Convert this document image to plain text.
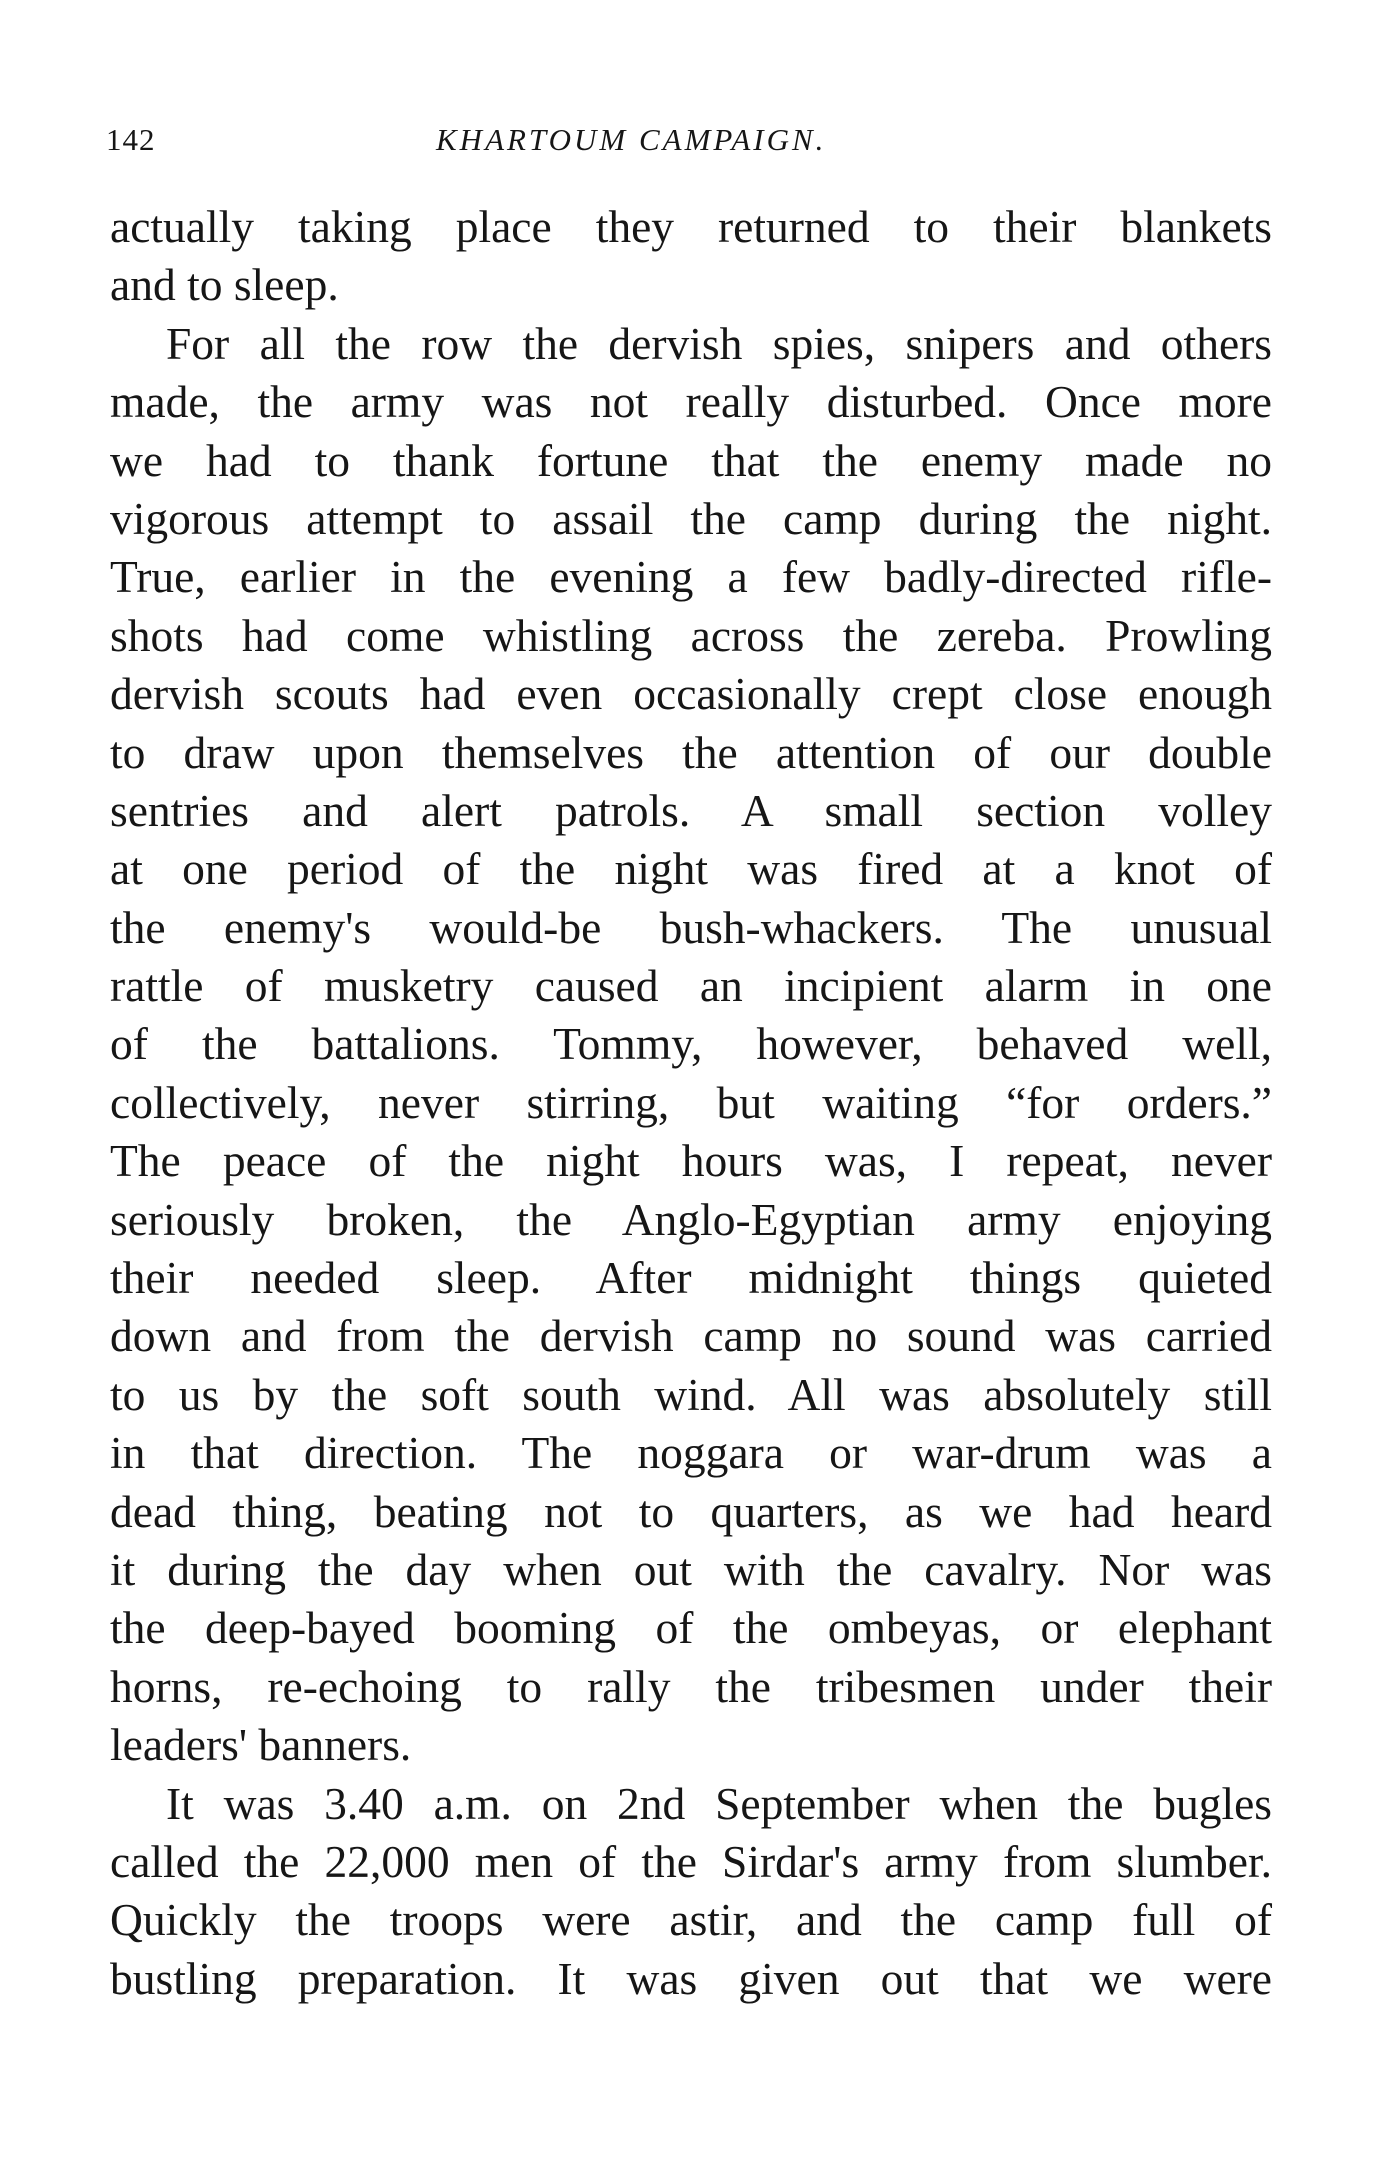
142	KHARTOUM CAMPAIGN.
actually taking place they returned to their blankets
and to sleep.
For all the row the dervish spies, snipers and others
made, the army was not really disturbed. Once more
we had to thank fortune that the enemy made no
vigorous attempt to assail the camp during the night.
True, earlier in the evening a few badly-directed rifle-
shots had come whistling across the zereba. Prowling
dervish scouts had even occasionally crept close enough
to draw upon themselves the attention of our double
sentries and alert patrols. A small section volley
at one period of the night was fired at a knot of
the enemy's would-be bush-whackers. The unusual
rattle of musketry caused an incipient alarm in one
of the battalions. Tommy, however, behaved well,
collectively, never stirring, but waiting “for orders.”
The peace of the night hours was, I repeat, never
seriously broken, the Anglo-Egyptian army enjoying
their needed sleep. After midnight things quieted
down and from the dervish camp no sound was carried
to us by the soft south wind. All was absolutely still
in that direction. The noggara or war-drum was a
dead thing, beating not to quarters, as we had heard
it during the day when out with the cavalry. Nor was
the deep-bayed booming of the ombeyas, or elephant
horns, re-echoing to rally the tribesmen under their
leaders' banners.
It was 3.40 a.m. on 2nd September when the bugles
called the 22,000 men of the Sirdar's army from slumber.
Quickly the troops were astir, and the camp full of
bustling preparation. It was given out that we were
